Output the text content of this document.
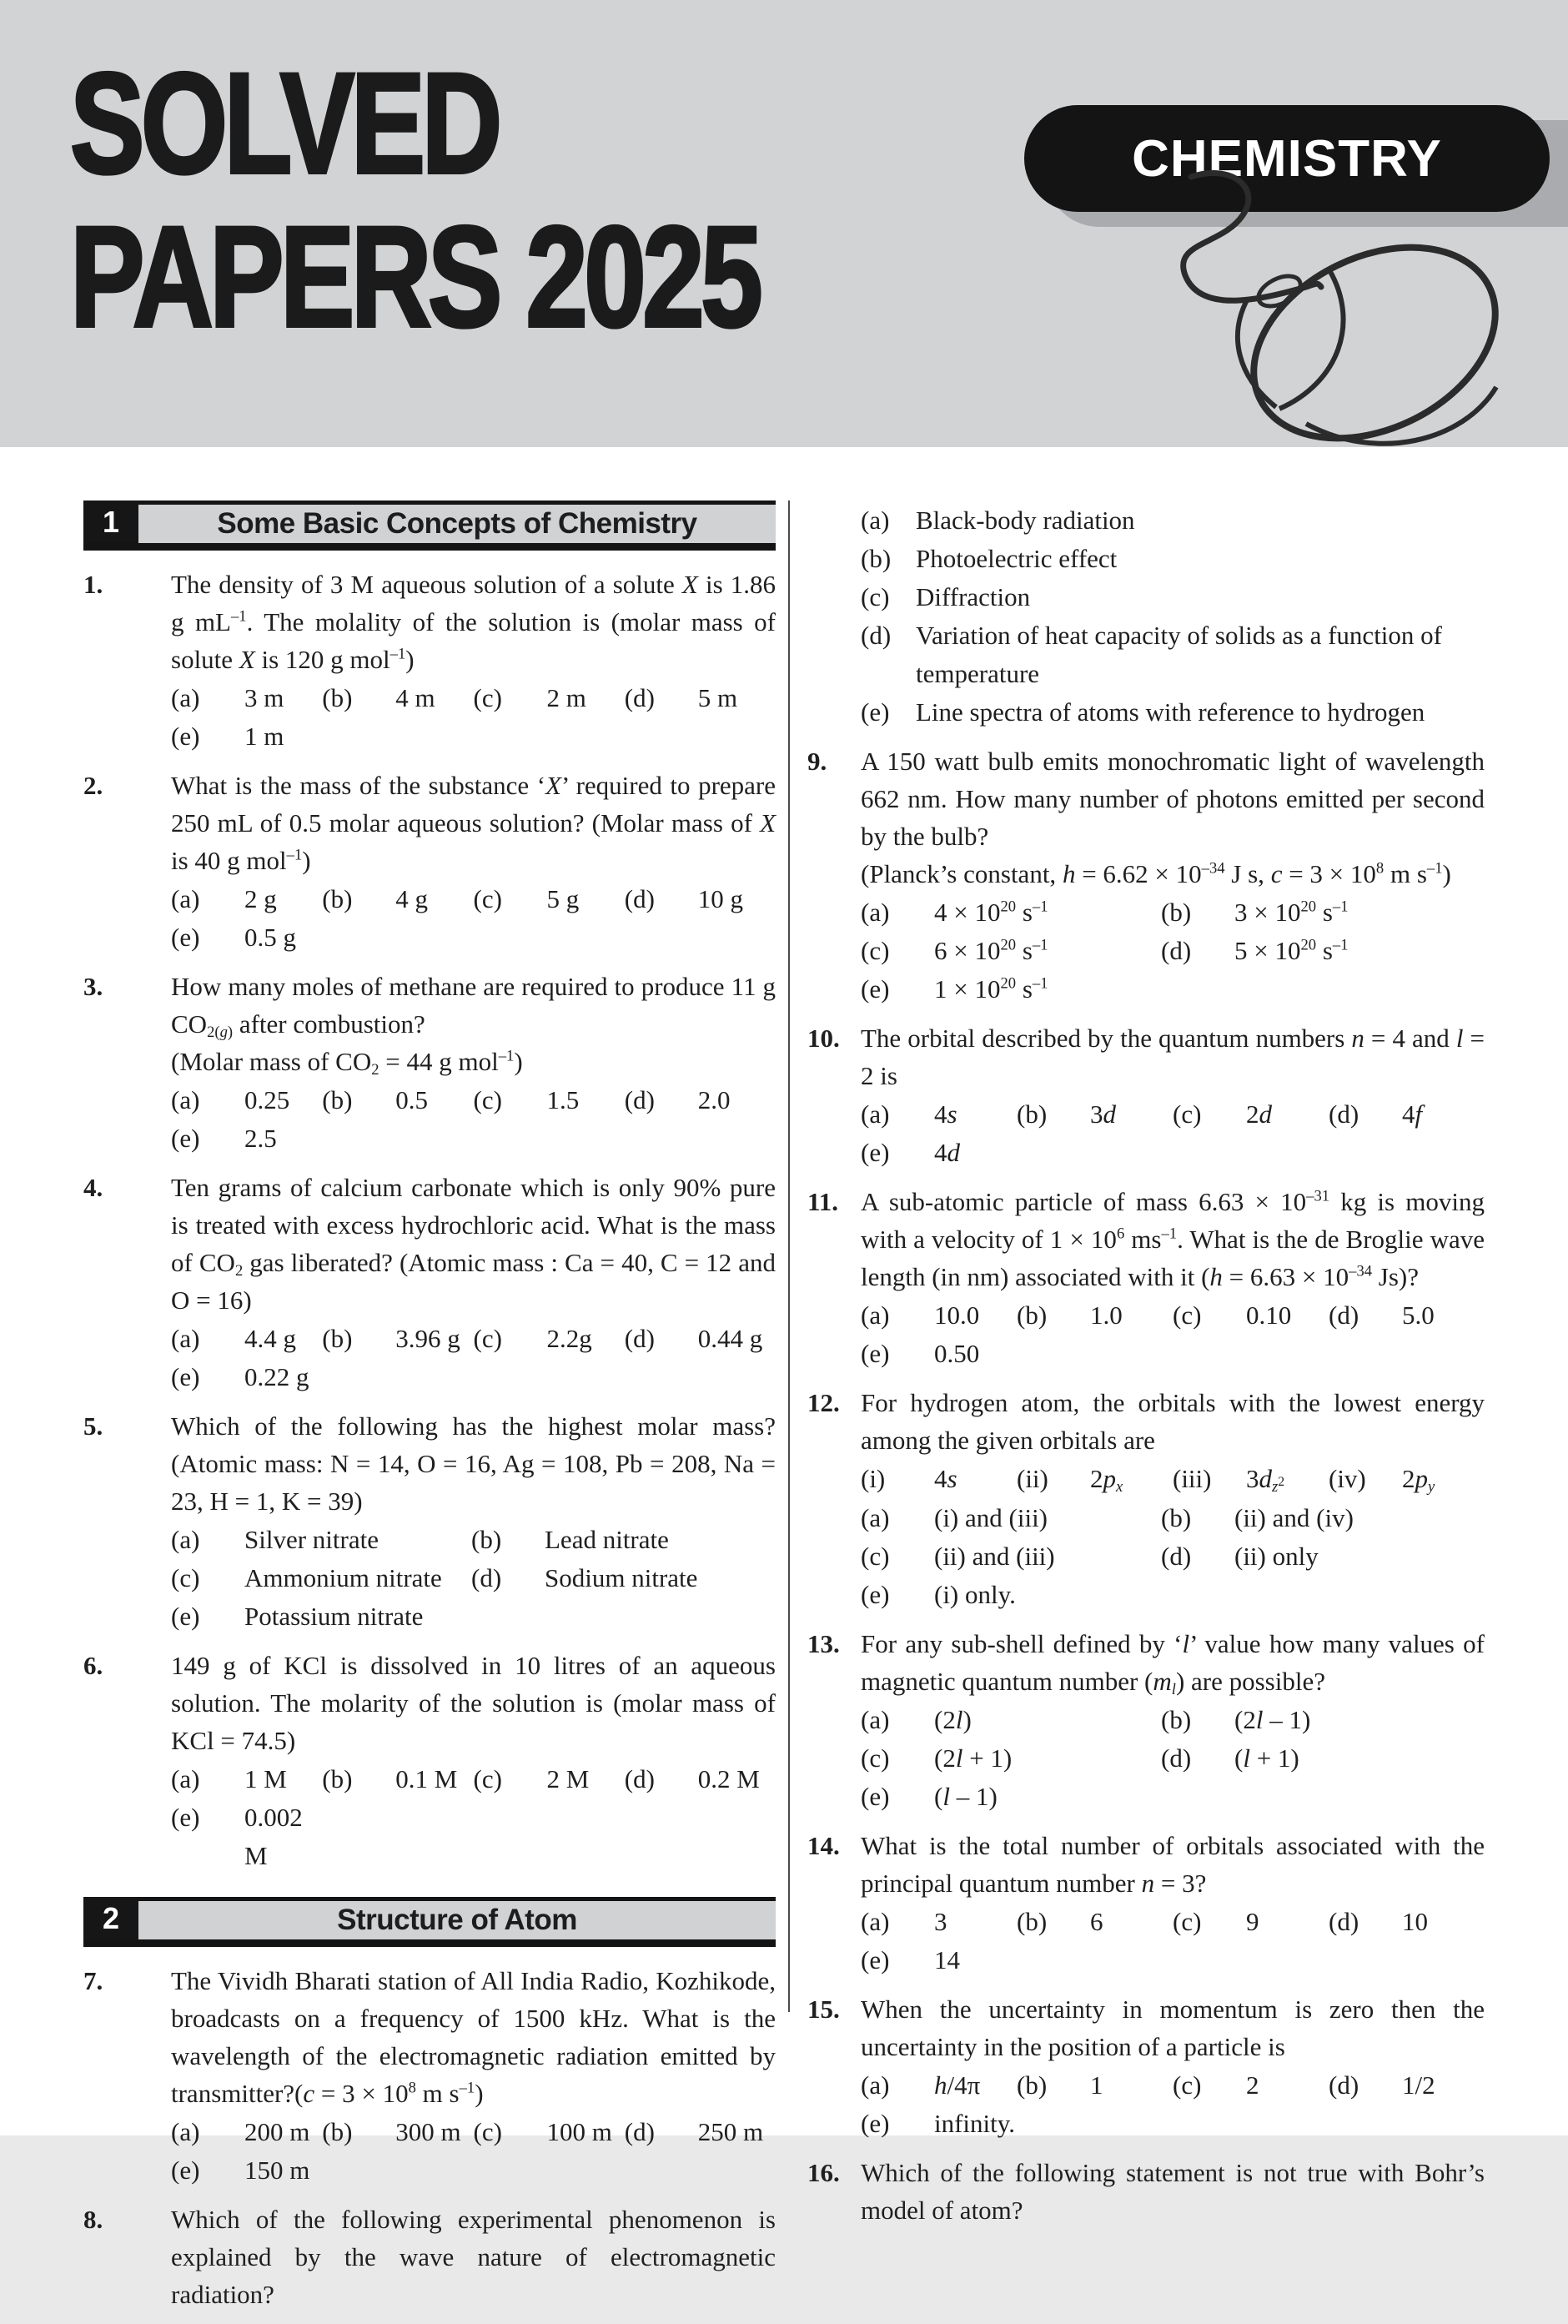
SOLVED
PAPERS 2025
CHEMISTRY
1	Some Basic Concepts of Chemistry
1.	The density of 3 M aqueous solution of a solute X is 1.86 g $mL^{-1}$. The molality of the solution is (molar mass of solute X is 120 g mol$^{-1}$)
(a)	3 m (b)	4 m (c)	2 m (d)	5 m
(e)	1 m
2.	What is the mass of the substance ‘X’ required to prepare 250 mL of 0.5 molar aqueous solution? (Molar mass of X is 40 g mol$^{-1}$)
(a)	2 g (b)	4 g (c)	5 g (d)	10 g
(e)	0.5 g
3.	How many moles of methane are required to produce 11 g $CO_{2(g)}$ after combustion?
(Molar mass of $CO_2 = 44$ g mol$^{-1}$)
(a)	0.25 (b)	0.5 (c)	1.5 (d)	2.0
(e)	2.5
4.	Ten grams of calcium carbonate which is only 90% pure is treated with excess hydrochloric acid. What is the mass of $CO_2$ gas liberated? (Atomic mass : Ca = 40, C = 12 and O = 16)
(a)	4.4 g (b)	3.96 g (c)	2.2g (d)	0.44 g
(e)	0.22 g
5.	Which of the following has the highest molar mass? (Atomic mass: N = 14, O = 16, Ag = 108, Pb = 208, Na = 23, H = 1, K = 39)
(a)	Silver nitrate	(b)	Lead nitrate
(c)	Ammonium nitrate (d)	Sodium nitrate
(e)	Potassium nitrate
6.	149 g of KCl is dissolved in 10 litres of an aqueous solution. The molarity of the solution is (molar mass of KCl = 74.5)
(a)	1 M (b)	0.1 M (c)	2 M (d)	0.2 M
(e)	0.002 M
2	Structure of Atom
7.	The Vividh Bharati station of All India Radio, Kozhikode, broadcasts on a frequency of 1500 kHz. What is the wavelength of the electromagnetic radiation emitted by transmitter?(c = $3 \times 10^8$ m $s^{-1}$)
(a)	200 m (b)	300 m (c)	100 m (d)	250 m
(e)	150 m
8.	Which of the following experimental phenomenon is explained by the wave nature of electromagnetic radiation?
(a)	Black-body radiation
(b) Photoelectric effect
(c)	Diffraction
(d) Variation of heat capacity of solids as a function of temperature
(e)	Line spectra of atoms with reference to hydrogen
9.	A 150 watt bulb emits monochromatic light of wavelength 662 nm. How many number of photons emitted per second by the bulb?
(Planck’s constant, $h = 6.62 \times 10^{-34}$ J s, $c = 3 \times 10^8$ m $s^{-1}$)
(a)	$4 \times 10^{20}$ $s^{-1}$	(b)	$3 \times 10^{20}$ $s^{-1}$
(c)	$6 \times 10^{20}$ $s^{-1}$	(d)	$5 \times 10^{20}$ $s^{-1}$
(e)	$1 \times 10^{20}$ $s^{-1}$
10. The orbital described by the quantum numbers n = 4 and l = 2 is
(a)	4s (b)	3d (c)	2d (d)	4f
(e)	4d
11. A sub-atomic particle of mass $6.63 \times 10^{-31}$ kg is moving with a velocity of $1 \times 10^6$ $ms^{-1}$. What is the de Broglie wave length (in nm) associated with it ($h = 6.63 \times 10^{-34}$ Js)?
(a)	10.0 (b)	1.0 (c)	0.10 (d)	5.0
(e)	0.50
12. For hydrogen atom, the orbitals with the lowest energy among the given orbitals are
(i)	4s (ii)	$2p_x$ (iii)	$3d_{z^2}$ (iv)	$2p_y$
(a)	(i) and (iii)	(b)	(ii) and (iv)
(c)	(ii) and (iii)	(d)	(ii) only
(e)	(i) only.
13. For any sub-shell defined by ‘l’ value how many values of magnetic quantum number $(m_l)$ are possible?
(a)	(2l)	(b)	(2l – 1)
(c)	(2l + 1)	(d)	(l + 1)
(e)	(l – 1)
14. What is the total number of orbitals associated with the principal quantum number n = 3?
(a)	3	(b)	6	(c)	9	(d)	10
(e)	14
15. When the uncertainty in momentum is zero then the uncertainty in the position of a particle is
(a)	h/4π (b)	1	(c)	2	(d)	1/2
(e)	infinity.
16. Which of the following statement is not true with Bohr’s model of atom?
